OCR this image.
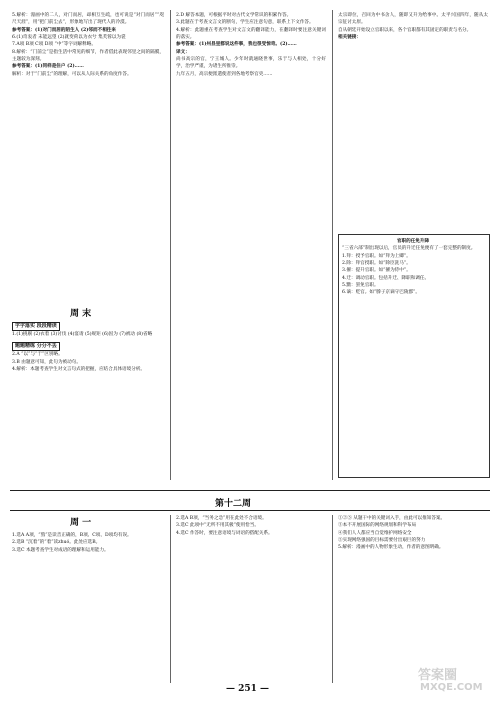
5.解析：漫画中的二人，对门而居，却相互生疏，也可说是“对门而居”“咫尺天涯”，用“把门前尘去”，形象地写出了现代人的冷漠。

参考答案：(1)对门而居的陌生人 (2)邻而不相往来

6.(1)奇衷者 末能远望 (2)就变荷以为衣兮 集芙蓉以为裳

7.A项 B项 C项 D项 “中”等字词解释略。

8.解析：“门前尘”是指生活中常见的细节，作者借此表现邻里之间的隔膜，主题较为深刻。

参考答案：(1)同样是住户 (2)……

解析：对于“门前尘”的理解，可以从人际关系的角度作答。

周 末

字字落实 段段精读

1.(1)挑剔 (2)衣着 (3)讨伐 (4)宴请 (5)规矩 (6)因为 (7)被动 (8)省略

题题精练 分分不丢

2.A “以”与“于”区别略。

3.B 由题意可知，此句为被动句。

4.解析：本题考查学生对文言句式的把握，应结合具体语境分析。

2.D 解答本题，可根据平时对古代文学常识的积累作答。

3.此题在于考查文言文的断句，学生应注意句意，联系上下文作答。

4.解析：此题重在考查学生对文言文的翻译能力，在翻译时要注意关键词的落实。

参考答案：(1)州县里都说这件事，我也很受惊奇。(2)……

译文：

尚书高宗的官，宁王城人。少年时就通晓世事，乐于与人相处，十分好学，治学严谨，为诸生所推崇。

九年五月，高宗便派遣使者到各地考察官吏……

太宗即位，召回为中书舍人，随即又升为给事中。太平兴国四年，随从太宗征讨太原。

自从朝廷开始设立官职以来，各个官职都有其固定的职责与名分。

相关链接：

官职的任免升降

“三省六部”制出现以后，官员的升迁任免便有了一套完整的制度。

1.拜：授予官职。如“拜为上卿”。

2.除：拜官授职。如“除臣洗马”。

3.擢：提升官职。如“擢为侍中”。

4.迁：调动官职。包括升迁、降职和调任。

5.黜：罢免官职。

6.谪：贬官。如“滕子京谪守巴陵郡”。

第十二周
周 一

1.选A A项，“熬”是读音正确的，B项、C项、D项均有误。

2.选B “沉着”的“着”读zhuó。此处应选B。

3.选C 本题考查学生对成语的理解和运用能力。

2.选A B项，“当务之急”用在此处不合语境。

3.选C 此项中“无所不用其极”使用恰当。

4.选C 作答时，要注意语境与词语的搭配关系。

①②⑤ 从题干中的关键词入手，由此可以推知答案。

③本不开展国际的网络规划和科学布局

④我们人人都应当自觉维护网络安全

⑤实现网络强国的目标需要付出艰巨的努力

5.解析：漫画中的人物形象生动，作者的意图明确。

— 251 —
答案圈
MXQE.COM
